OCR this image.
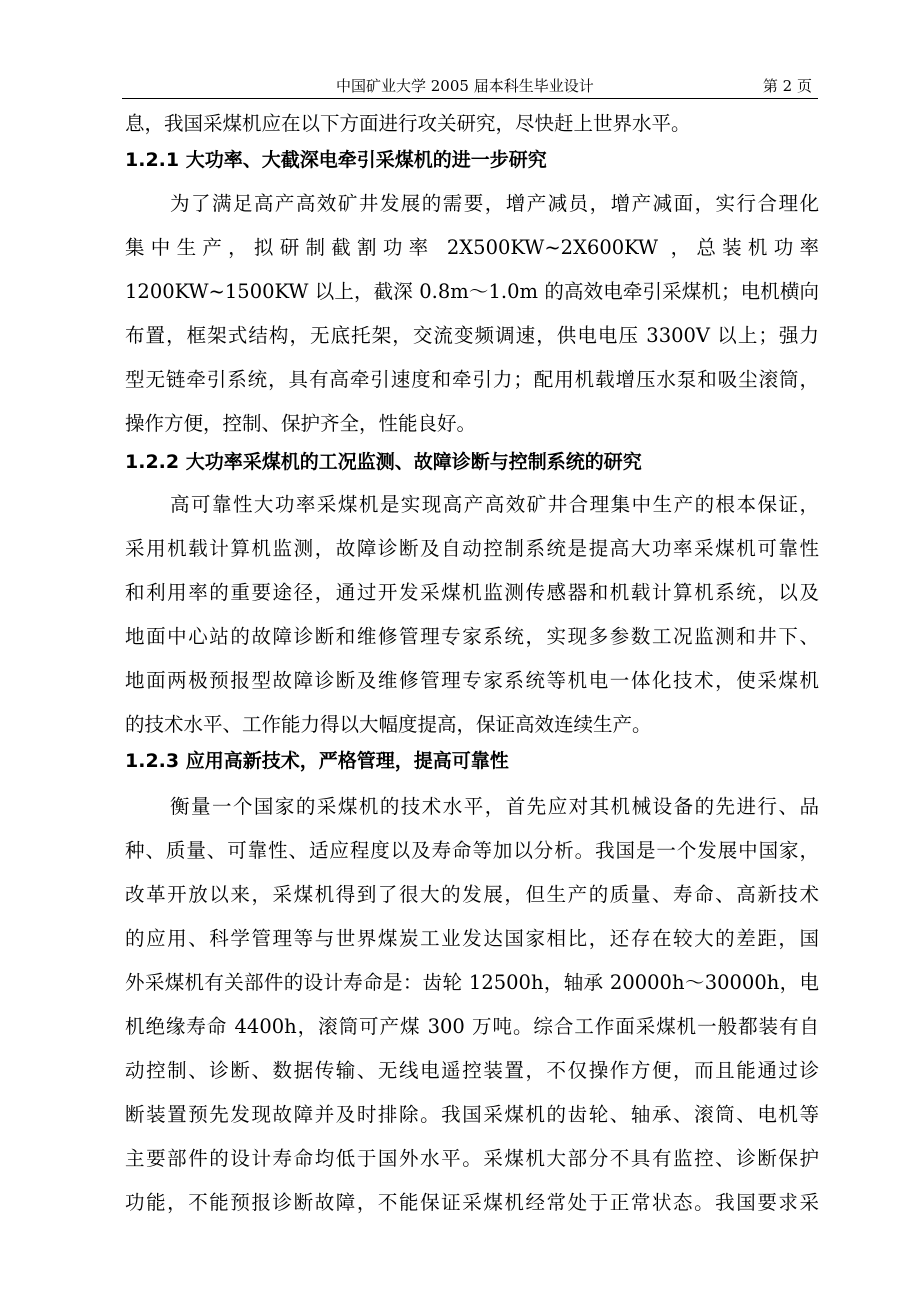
中国矿业大学 2005 届本科生毕业设计	第 2 页
息，我国采煤机应在以下方面进行攻关研究，尽快赶上世界水平。
1.2.1 大功率、大截深电牵引采煤机的进一步研究
为了满足高产高效矿井发展的需要，增产减员，增产减面，实行合理化
集中生产，拟研制截割功率 2X500KW~2X600KW ，总装机功率
1200KW~1500KW 以上，截深 0.8m～1.0m 的高效电牵引采煤机；电机横向
布置，框架式结构，无底托架，交流变频调速，供电电压 3300V 以上；强力
型无链牵引系统，具有高牵引速度和牵引力；配用机载增压水泵和吸尘滚筒，
操作方便，控制、保护齐全，性能良好。
1.2.2 大功率采煤机的工况监测、故障诊断与控制系统的研究
高可靠性大功率采煤机是实现高产高效矿井合理集中生产的根本保证，
采用机载计算机监测，故障诊断及自动控制系统是提高大功率采煤机可靠性
和利用率的重要途径，通过开发采煤机监测传感器和机载计算机系统，以及
地面中心站的故障诊断和维修管理专家系统，实现多参数工况监测和井下、
地面两极预报型故障诊断及维修管理专家系统等机电一体化技术，使采煤机
的技术水平、工作能力得以大幅度提高，保证高效连续生产。
1.2.3 应用高新技术，严格管理，提高可靠性
衡量一个国家的采煤机的技术水平，首先应对其机械设备的先进行、品
种、质量、可靠性、适应程度以及寿命等加以分析。我国是一个发展中国家，
改革开放以来，采煤机得到了很大的发展，但生产的质量、寿命、高新技术
的应用、科学管理等与世界煤炭工业发达国家相比，还存在较大的差距，国
外采煤机有关部件的设计寿命是：齿轮 12500h，轴承 20000h～30000h，电
机绝缘寿命 4400h，滚筒可产煤 300 万吨。综合工作面采煤机一般都装有自
动控制、诊断、数据传输、无线电遥控装置，不仅操作方便，而且能通过诊
断装置预先发现故障并及时排除。我国采煤机的齿轮、轴承、滚筒、电机等
主要部件的设计寿命均低于国外水平。采煤机大部分不具有监控、诊断保护
功能，不能预报诊断故障，不能保证采煤机经常处于正常状态。我国要求采
